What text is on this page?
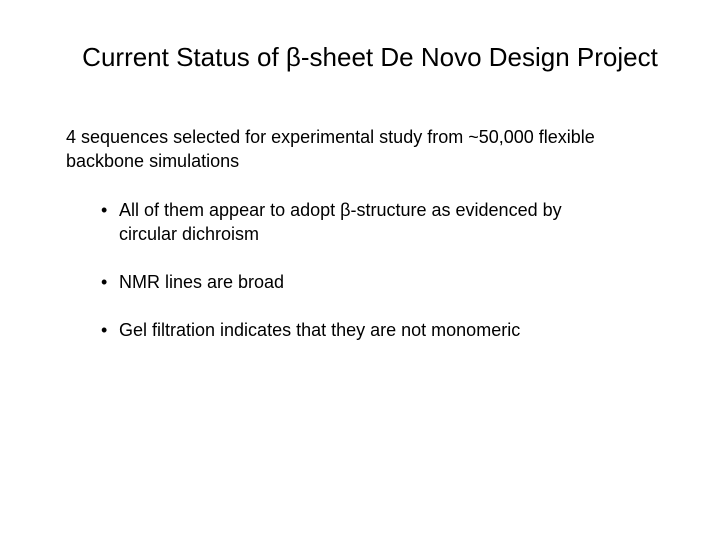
Current Status of β-sheet De Novo Design Project
4 sequences selected for experimental study from ~50,000 flexible backbone simulations
• All of them appear to adopt β-structure as evidenced by circular dichroism
• NMR lines are broad
• Gel filtration indicates that they are not monomeric
